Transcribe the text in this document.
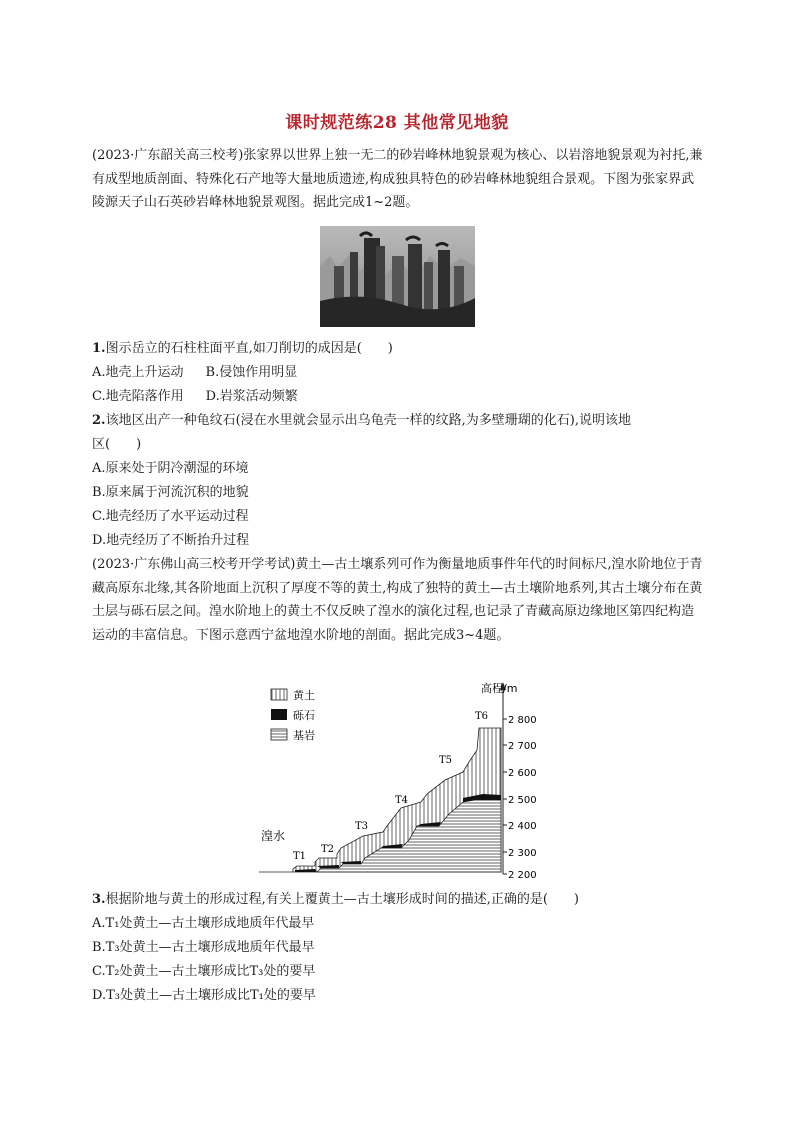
课时规范练28 其他常见地貌
(2023·广东韶关高三校考)张家界以世界上独一无二的砂岩峰林地貌景观为核心、以岩溶地貌景观为衬托,兼有成型地质剖面、特殊化石产地等大量地质遗迹,构成独具特色的砂岩峰林地貌组合景观。下图为张家界武陵源天子山石英砂岩峰林地貌景观图。据此完成1~2题。
1.图示岳立的石柱柱面平直,如刀削切的成因是(　　)
A.地壳上升运动 B.侵蚀作用明显
C.地壳陷落作用 D.岩浆活动频繁
2.该地区出产一种龟纹石(浸在水里就会显示出乌龟壳一样的纹路,为多壁珊瑚的化石),说明该地
区(　　)
A.原来处于阴冷潮湿的环境
B.原来属于河流沉积的地貌
C.地壳经历了水平运动过程
D.地壳经历了不断抬升过程
(2023·广东佛山高三校考开学考试)黄土—古土壤系列可作为衡量地质事件年代的时间标尺,湟水阶地位于青藏高原东北缘,其各阶地面上沉积了厚度不等的黄土,构成了独特的黄土—古土壤阶地系列,其古土壤分布在黄土层与砾石层之间。湟水阶地上的黄土不仅反映了湟水的演化过程,也记录了青藏高原边缘地区第四纪构造运动的丰富信息。下图示意西宁盆地湟水阶地的剖面。据此完成3~4题。
黄土
砾石
基岩
高程/m
2 800
2 700
2 600
2 500
2 400
2 300
2 200
湟水
T1
T2
T3
T4
T5
T6
3.根据阶地与黄土的形成过程,有关上覆黄土—古土壤形成时间的描述,正确的是(　　)
A.T₁处黄土—古土壤形成地质年代最早
B.T₃处黄土—古土壤形成地质年代最早
C.T₂处黄土—古土壤形成比T₃处的要早
D.T₃处黄土—古土壤形成比T₁处的要早
